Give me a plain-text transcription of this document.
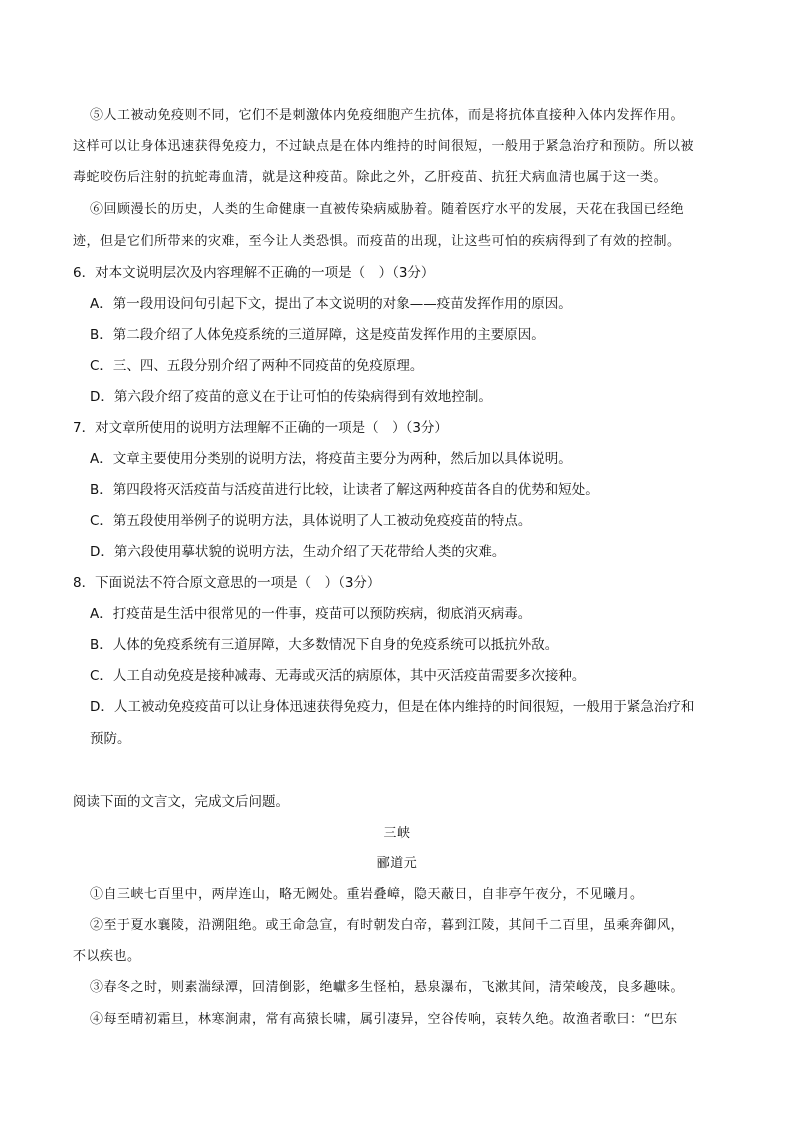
⑤人工被动免疫则不同，它们不是刺激体内免疫细胞产生抗体，而是将抗体直接种入体内发挥作用。
这样可以让身体迅速获得免疫力，不过缺点是在体内维持的时间很短，一般用于紧急治疗和预防。所以被
毒蛇咬伤后注射的抗蛇毒血清，就是这种疫苗。除此之外，乙肝疫苗、抗狂犬病血清也属于这一类。
⑥回顾漫长的历史，人类的生命健康一直被传染病威胁着。随着医疗水平的发展，天花在我国已经绝
迹，但是它们所带来的灾难，至今让人类恐惧。而疫苗的出现，让这些可怕的疾病得到了有效的控制。
6．对本文说明层次及内容理解不正确的一项是（　）（3分）
A．第一段用设问句引起下文，提出了本文说明的对象——疫苗发挥作用的原因。
B．第二段介绍了人体免疫系统的三道屏障，这是疫苗发挥作用的主要原因。
C．三、四、五段分别介绍了两种不同疫苗的免疫原理。
D．第六段介绍了疫苗的意义在于让可怕的传染病得到有效地控制。
7．对文章所使用的说明方法理解不正确的一项是（　）（3分）
A．文章主要使用分类别的说明方法，将疫苗主要分为两种，然后加以具体说明。
B．第四段将灭活疫苗与活疫苗进行比较，让读者了解这两种疫苗各自的优势和短处。
C．第五段使用举例子的说明方法，具体说明了人工被动免疫疫苗的特点。
D．第六段使用摹状貌的说明方法，生动介绍了天花带给人类的灾难。
8．下面说法不符合原文意思的一项是（　）（3分）
A．打疫苗是生活中很常见的一件事，疫苗可以预防疾病，彻底消灭病毒。
B．人体的免疫系统有三道屏障，大多数情况下自身的免疫系统可以抵抗外敌。
C．人工自动免疫是接种减毒、无毒或灭活的病原体，其中灭活疫苗需要多次接种。
D．人工被动免疫疫苗可以让身体迅速获得免疫力，但是在体内维持的时间很短，一般用于紧急治疗和
预防。
阅读下面的文言文，完成文后问题。
三峡
郦道元
①自三峡七百里中，两岸连山，略无阙处。重岩叠嶂，隐天蔽日，自非亭午夜分，不见曦月。
②至于夏水襄陵，沿溯阻绝。或王命急宣，有时朝发白帝，暮到江陵，其间千二百里，虽乘奔御风，
不以疾也。
③春冬之时，则素湍绿潭，回清倒影，绝巘多生怪柏，悬泉瀑布，飞漱其间，清荣峻茂，良多趣味。
④每至晴初霜旦，林寒涧肃，常有高猿长啸，属引凄异，空谷传响，哀转久绝。故渔者歌曰：“巴东
